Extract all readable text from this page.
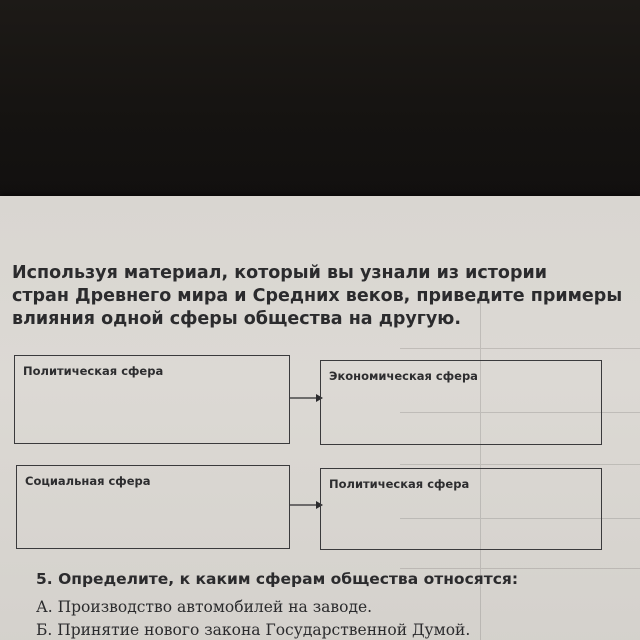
Используя материал, который вы узнали из истории
стран Древнего мира и Средних веков, приведите примеры
влияния одной сферы общества на другую.
Политическая сфера	Экономическая сфера
Социальная сфера	Политическая сфера
5. Определите, к каким сферам общества относятся:
А. Производство автомобилей на заводе.
Б. Принятие нового закона Государственной Думой.
